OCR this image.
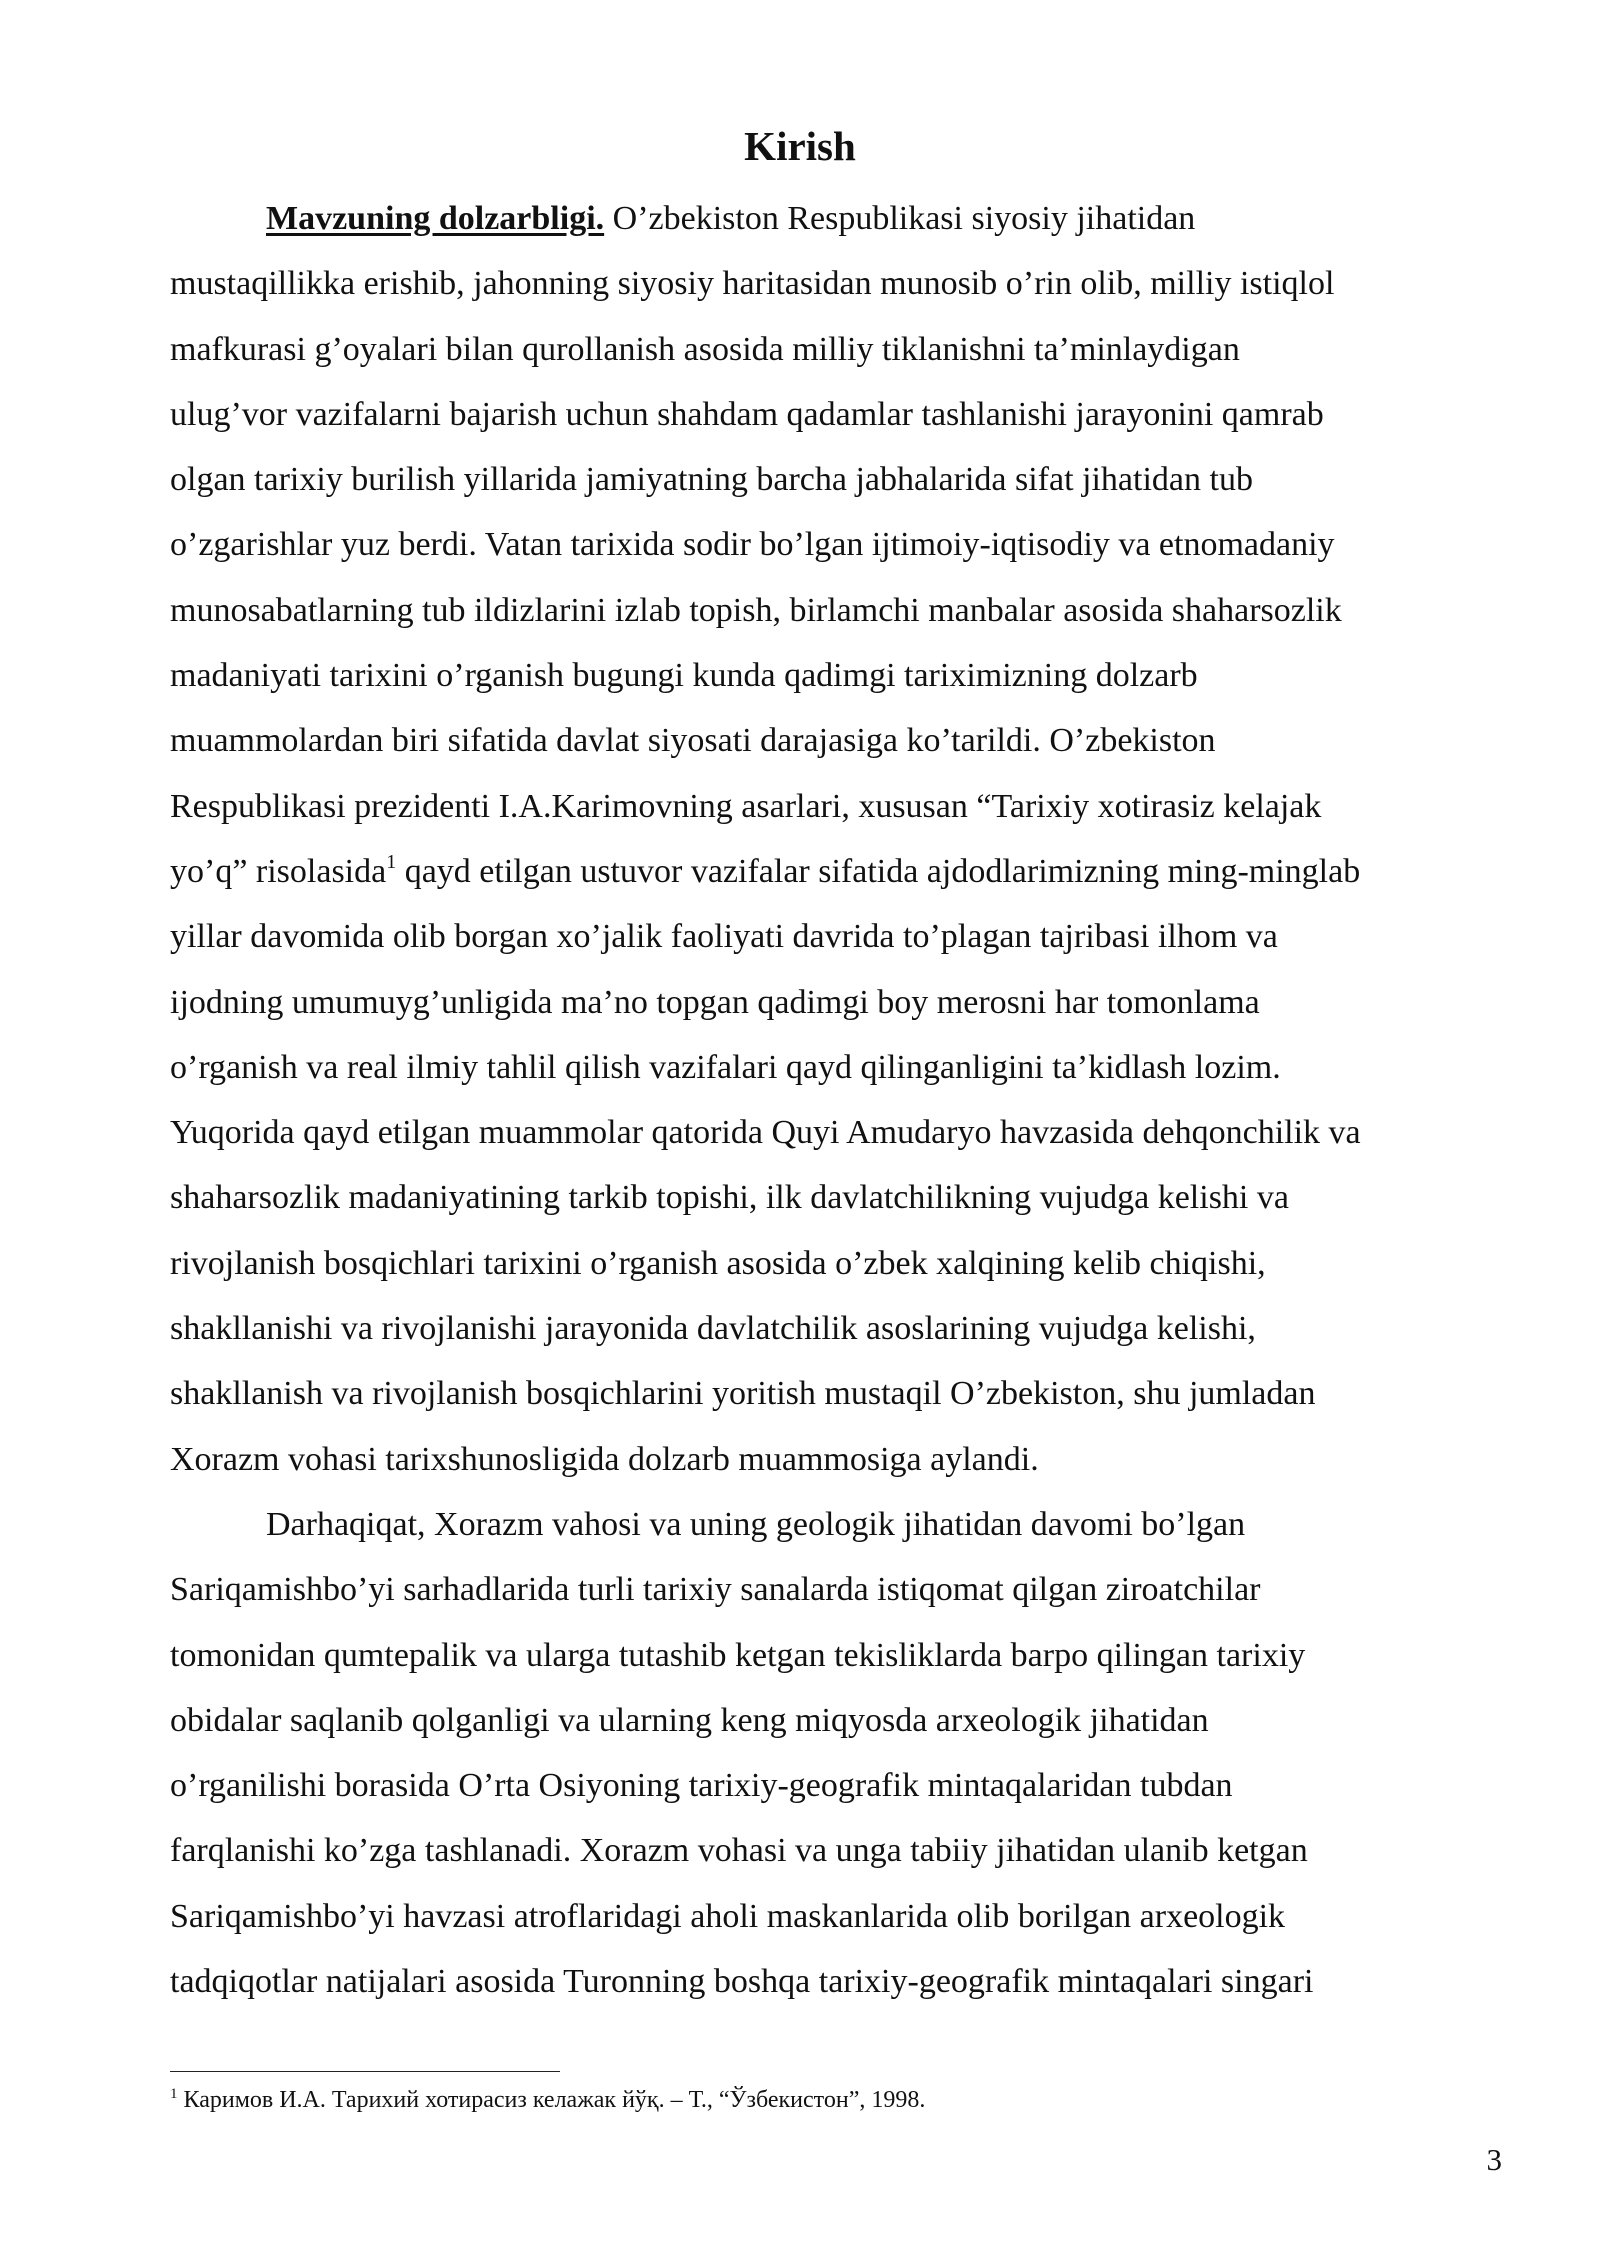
Kirish
Mavzuning dolzarbligi. O’zbekiston Respublikasi siyosiy jihatidan
mustaqillikka erishib, jahonning siyosiy haritasidan munosib o’rin olib, milliy istiqlol
mafkurasi g’oyalari bilan qurollanish asosida milliy tiklanishni ta’minlaydigan
ulug’vor vazifalarni bajarish uchun shahdam qadamlar tashlanishi jarayonini qamrab
olgan tarixiy burilish yillarida jamiyatning barcha jabhalarida sifat jihatidan tub
o’zgarishlar yuz berdi. Vatan tarixida sodir bo’lgan ijtimoiy-iqtisodiy va etnomadaniy
munosabatlarning tub ildizlarini izlab topish, birlamchi manbalar asosida shaharsozlik
madaniyati tarixini o’rganish bugungi kunda qadimgi tariximizning dolzarb
muammolardan biri sifatida davlat siyosati darajasiga ko’tarildi. O’zbekiston
Respublikasi prezidenti I.A.Karimovning asarlari, xususan “Tarixiy xotirasiz kelajak
yo’q” risolasida$^1$ qayd etilgan ustuvor vazifalar sifatida ajdodlarimizning ming-minglab
yillar davomida olib borgan xo’jalik faoliyati davrida to’plagan tajribasi ilhom va
ijodning umumuyg’unligida ma’no topgan qadimgi boy merosni har tomonlama
o’rganish va real ilmiy tahlil qilish vazifalari qayd qilinganligini ta’kidlash lozim.
Yuqorida qayd etilgan muammolar qatorida Quyi Amudaryo havzasida dehqonchilik va
shaharsozlik madaniyatining tarkib topishi, ilk davlatchilikning vujudga kelishi va
rivojlanish bosqichlari tarixini o’rganish asosida o’zbek xalqining kelib chiqishi,
shakllanishi va rivojlanishi jarayonida davlatchilik asoslarining vujudga kelishi,
shakllanish va rivojlanish bosqichlarini yoritish mustaqil O’zbekiston, shu jumladan
Xorazm vohasi tarixshunosligida dolzarb muammosiga aylandi.
Darhaqiqat, Xorazm vahosi va uning geologik jihatidan davomi bo’lgan
Sariqamishbo’yi sarhadlarida turli tarixiy sanalarda istiqomat qilgan ziroatchilar
tomonidan qumtepalik va ularga tutashib ketgan tekisliklarda barpo qilingan tarixiy
obidalar saqlanib qolganligi va ularning keng miqyosda arxeologik jihatidan
o’rganilishi borasida O’rta Osiyoning tarixiy-geografik mintaqalaridan tubdan
farqlanishi ko’zga tashlanadi. Xorazm vohasi va unga tabiiy jihatidan ulanib ketgan
Sariqamishbo’yi havzasi atroflaridagi aholi maskanlarida olib borilgan arxeologik
tadqiqotlar natijalari asosida Turonning boshqa tarixiy-geografik mintaqalari singari
$^1$ Каримов И.А. Тарихий хотирасиз келажак йўқ. – Т., “Ўзбекистон”, 1998.
3
